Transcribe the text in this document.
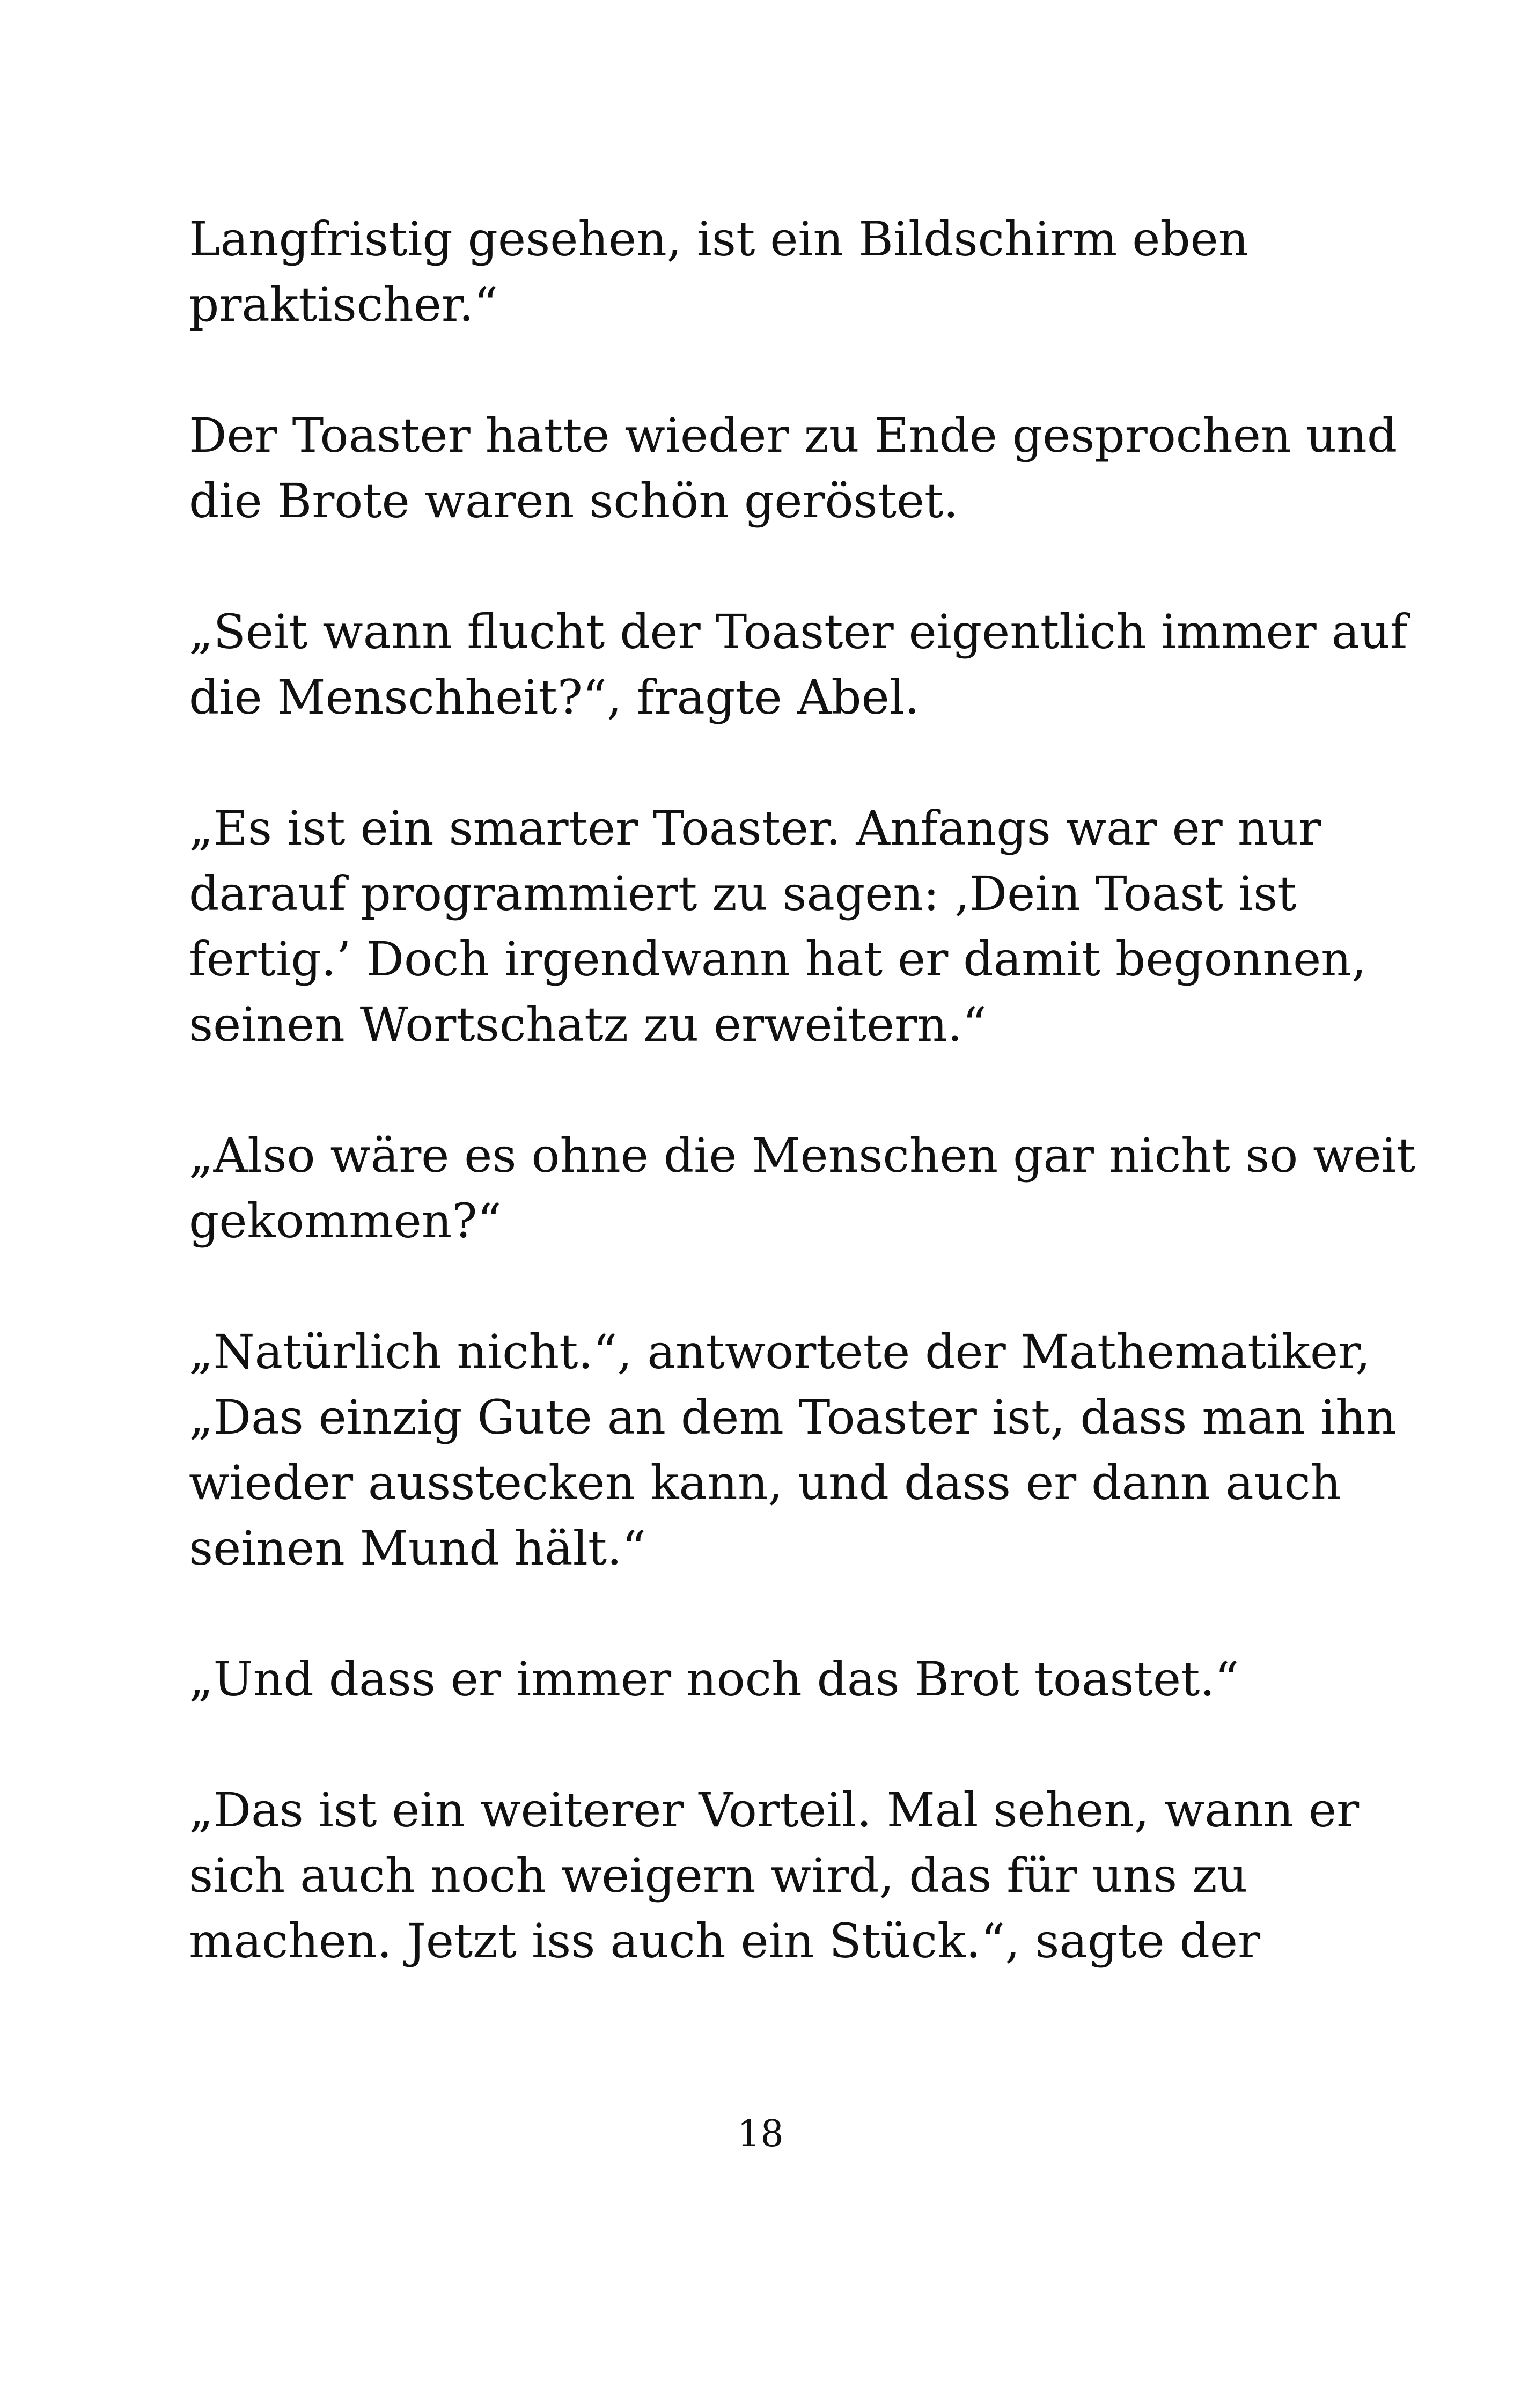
Langfristig gesehen, ist ein Bildschirm eben
praktischer.“

Der Toaster hatte wieder zu Ende gesprochen und
die Brote waren schön geröstet.

„Seit wann flucht der Toaster eigentlich immer auf
die Menschheit?“, fragte Abel.

„Es ist ein smarter Toaster. Anfangs war er nur
darauf programmiert zu sagen: ‚Dein Toast ist
fertig.’ Doch irgendwann hat er damit begonnen,
seinen Wortschatz zu erweitern.“

„Also wäre es ohne die Menschen gar nicht so weit
gekommen?“

„Natürlich nicht.“, antwortete der Mathematiker,
„Das einzig Gute an dem Toaster ist, dass man ihn
wieder ausstecken kann, und dass er dann auch
seinen Mund hält.“

„Und dass er immer noch das Brot toastet.“

„Das ist ein weiterer Vorteil. Mal sehen, wann er
sich auch noch weigern wird, das für uns zu
machen. Jetzt iss auch ein Stück.“, sagte der

18
